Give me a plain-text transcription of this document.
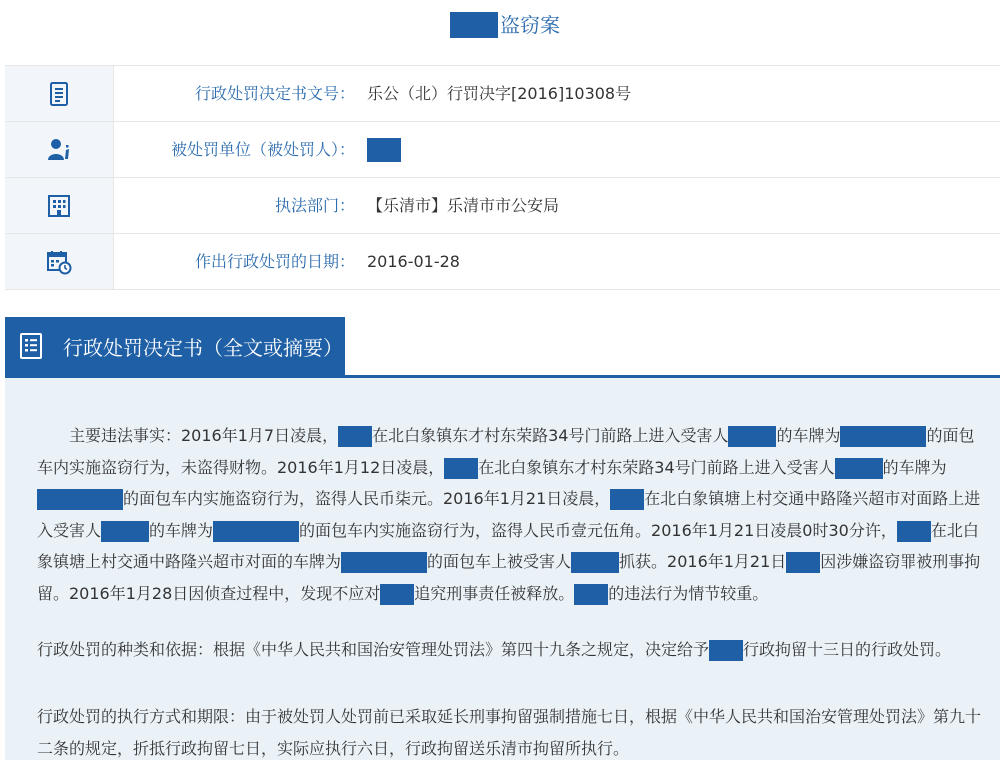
盗窃案
行政处罚决定书文号： 乐公（北）行罚决字[2016]10308号
被处罚单位（被处罚人）：
执法部门： 【乐清市】乐清市市公安局
作出行政处罚的日期： 2016-01-28
行政处罚决定书（全文或摘要）
主要违法事实：2016年1月7日凌晨， 在北白象镇东才村东荣路34号门前路上进入受害人	的车牌为	的面包车内实施盗窃行为，未盗得财物。2016年1月12日凌晨， 在北白象镇东才村东荣路34号门前路上进入受害人	的车牌为的面包车内实施盗窃行为，盗得人民币柒元。2016年1月21日凌晨， 在北白象镇塘上村交通中路隆兴超市对面路上进入受害人	的车牌为	的面包车内实施盗窃行为，盗得人民币壹元伍角。2016年1月21日凌晨0时30分许， 在北白象镇塘上村交通中路隆兴超市对面的车牌为	的面包车上被受害人	抓获。2016年1月21日 因涉嫌盗窃罪被刑事拘留。2016年1月28日因侦查过程中，发现不应对 追究刑事责任被释放。 的违法行为情节较重。
行政处罚的种类和依据：根据《中华人民共和国治安管理处罚法》第四十九条之规定，决定给予 行政拘留十三日的行政处罚。
行政处罚的执行方式和期限：由于被处罚人处罚前已采取延长刑事拘留强制措施七日，根据《中华人民共和国治安管理处罚法》第九十二条的规定，折抵行政拘留七日，实际应执行六日，行政拘留送乐清市拘留所执行。
